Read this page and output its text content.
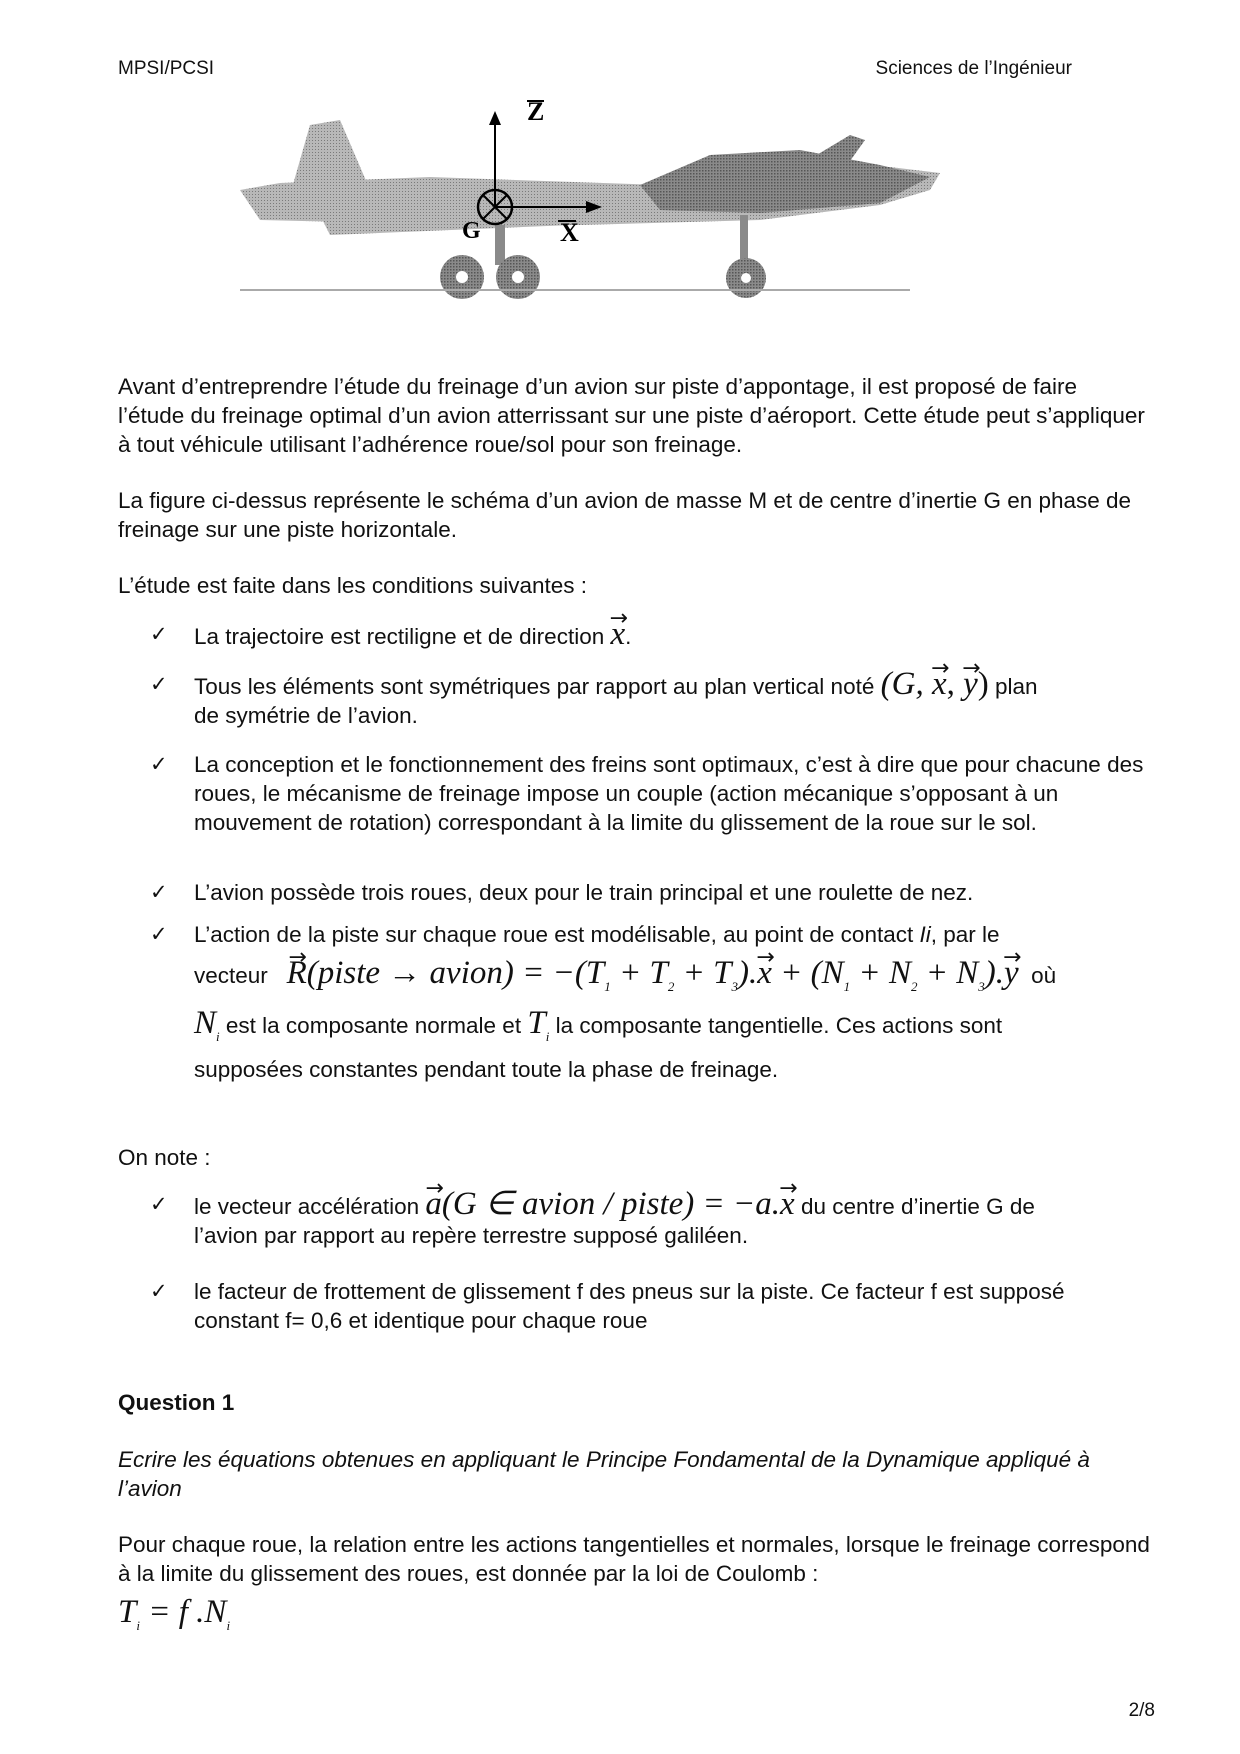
MPSI/PCSI	Sciences de l’Ingénieur
Z
X
G

Avant d’entreprendre l’étude du freinage d’un avion sur piste d’appontage, il est proposé de faire l’étude du freinage optimal d’un avion atterrissant sur une piste d’aéroport. Cette étude peut s’appliquer à tout véhicule utilisant l’adhérence roue/sol pour son freinage.

La figure ci-dessus représente le schéma d’un avion de masse M et de centre d’inertie G en phase de freinage sur une piste horizontale.

L’étude est faite dans les conditions suivantes :

✓ La trajectoire est rectiligne et de direction → x.
✓ Tous les éléments sont symétriques par rapport au plan vertical noté (G, → x, → y) plan
de symétrie de l’avion.
✓ La conception et le fonctionnement des freins sont optimaux, c’est à dire que pour chacune des roues, le mécanisme de freinage impose un couple (action mécanique s’opposant à un mouvement de rotation) correspondant à la limite du glissement de la roue sur le sol.
✓ L’avion possède trois roues, deux pour le train principal et une roulette de nez.
✓ L’action de la piste sur chaque roue est modélisable, au point de contact Ii, par le
vecteur → R(piste → avion) = $-(T_1 + T_2 + T_3).\to x + (N_1 + N_2 + N_3).\to y$ où
$N_i$ est la composante normale et $T_i$ la composante tangentielle. Ces actions sont
supposées constantes pendant toute la phase de freinage.
On note :
✓ le vecteur accélération → a(G ∈ avion / piste) = −a.→ x du centre d’inertie G de
l’avion par rapport au repère terrestre supposé galiléen.
✓ le facteur de frottement de glissement f des pneus sur la piste. Ce facteur f est supposé constant f= 0,6 et identique pour chaque roue
Question 1
Ecrire les équations obtenues en appliquant le Principe Fondamental de la Dynamique appliqué à l’avion
Pour chaque roue, la relation entre les actions tangentielles et normales, lorsque le freinage correspond à la limite du glissement des roues, est donnée par la loi de Coulomb :
$T_i = f$ $.N_i$
2/8
